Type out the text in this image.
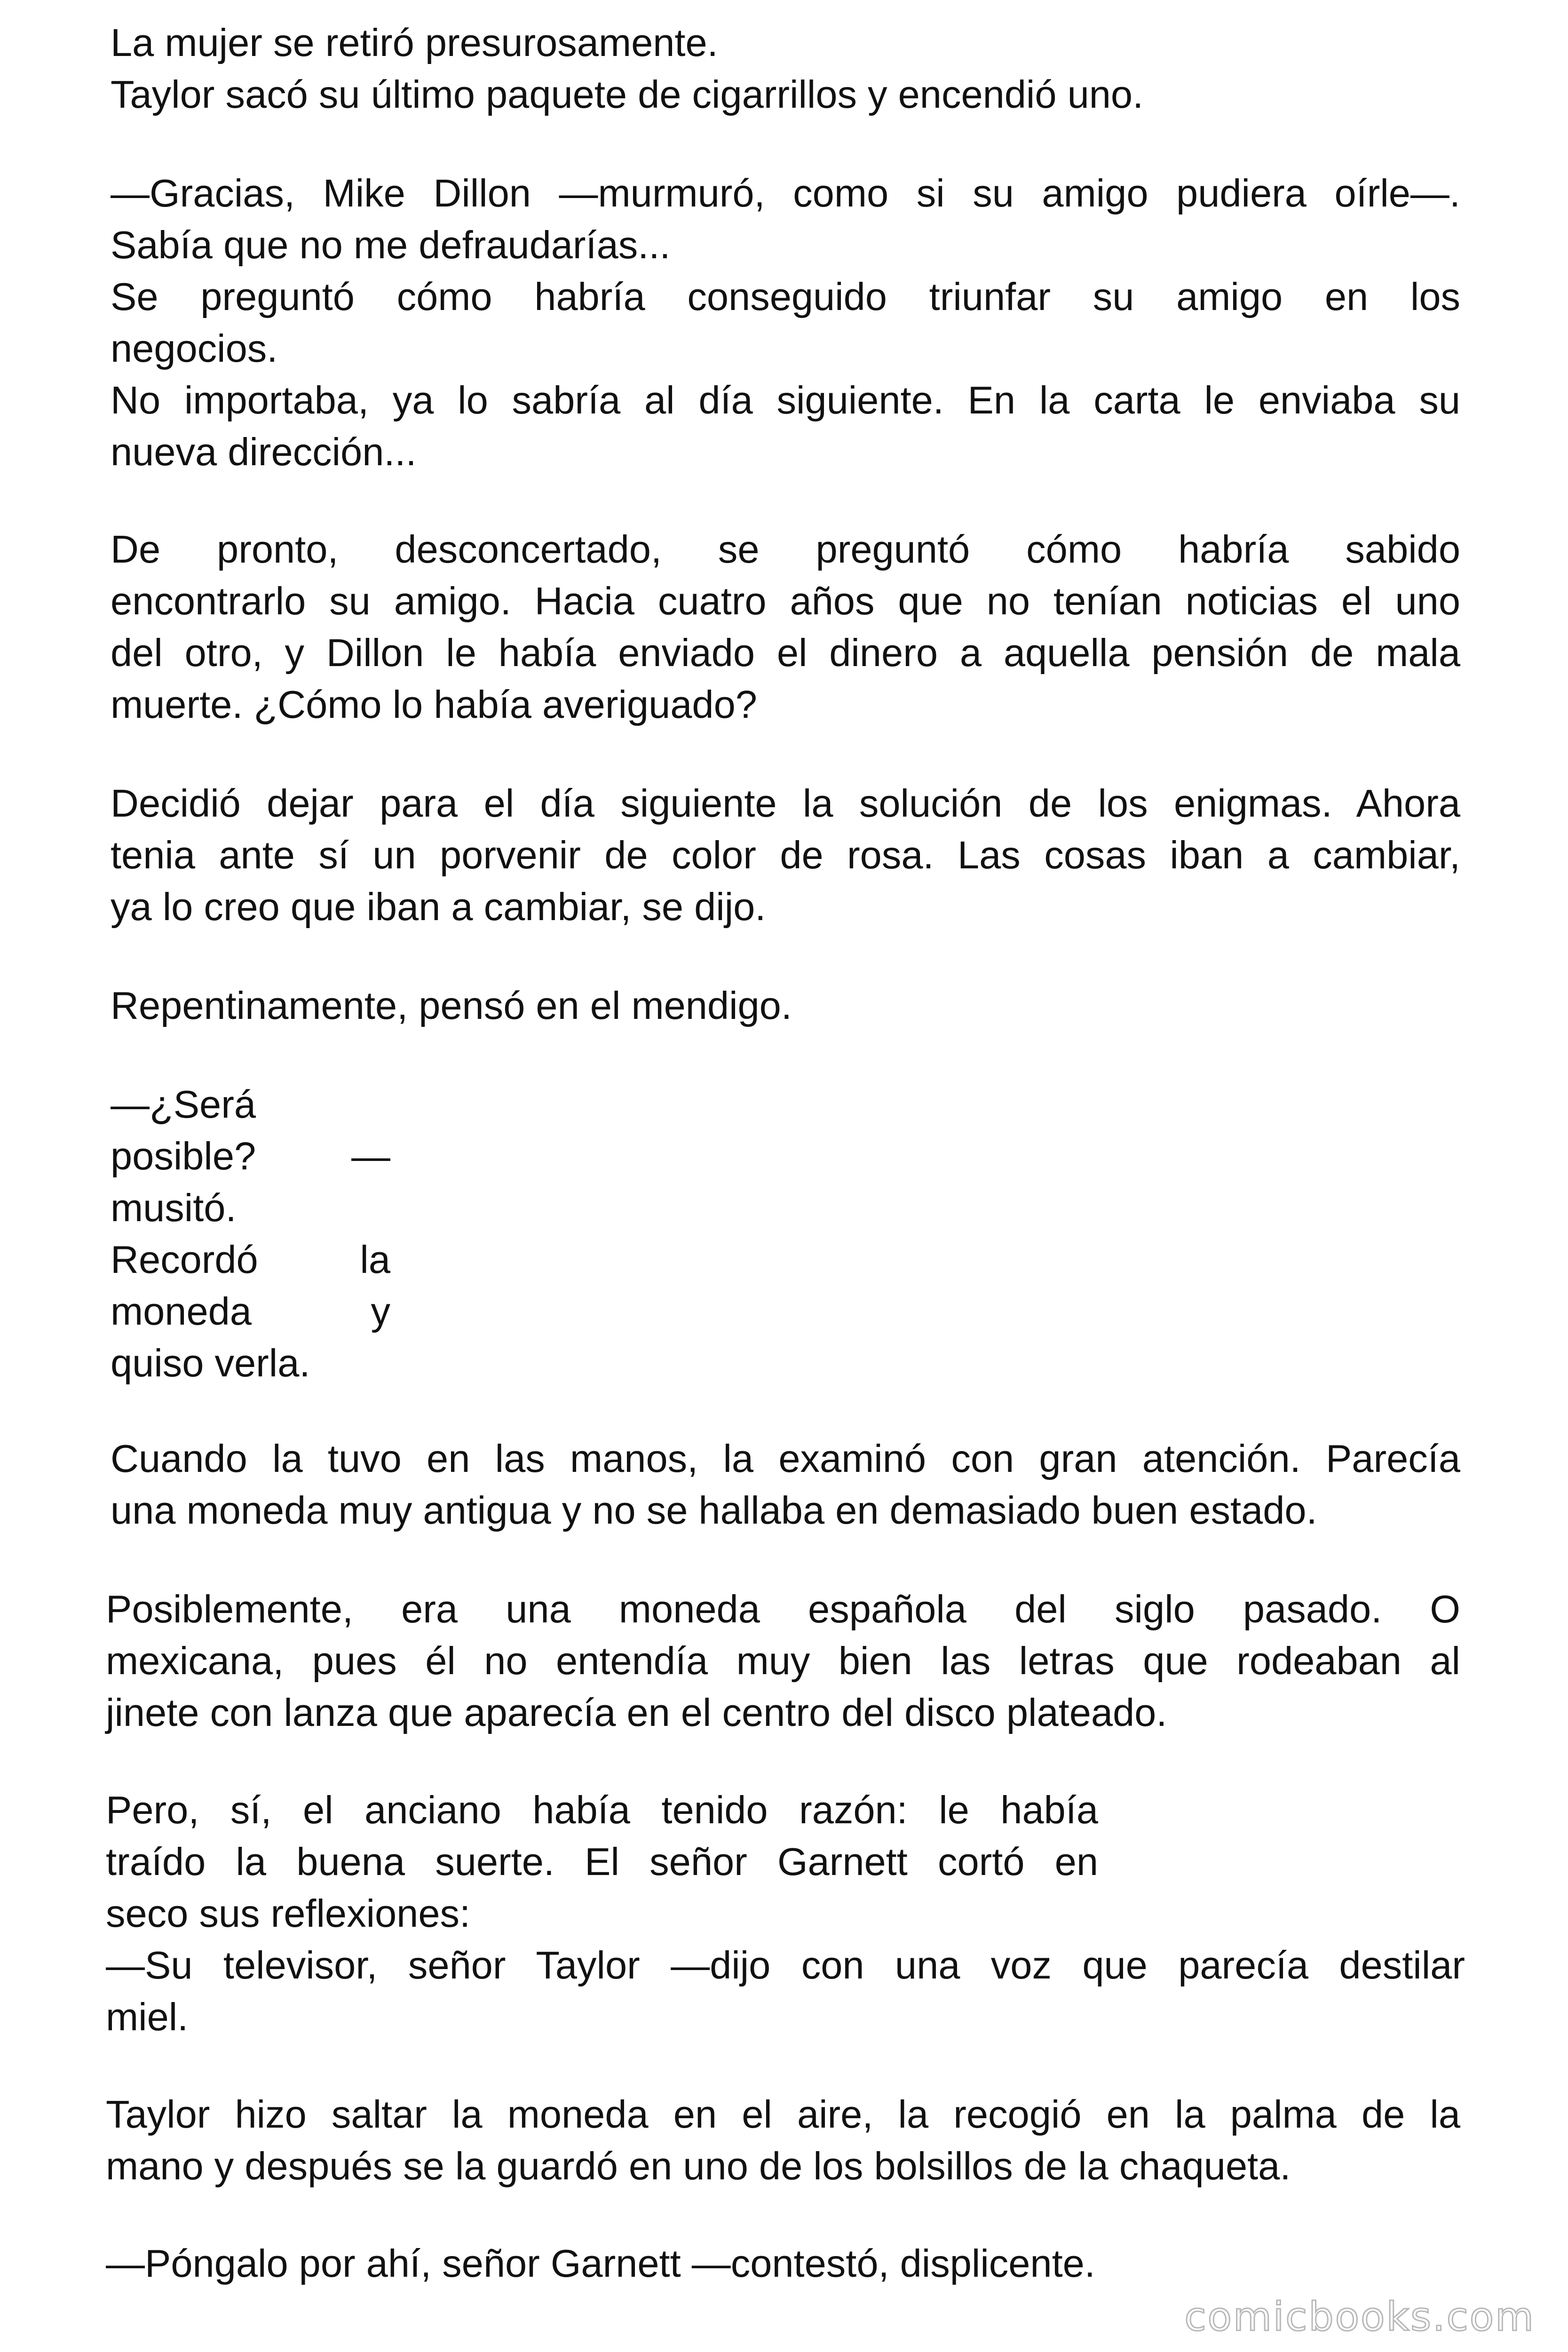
La mujer se retiró presurosamente.

Taylor sacó su último paquete de cigarrillos y encendió uno.

—Gracias, Mike Dillon —murmuró, como si su amigo pudiera oírle—.

Sabía que no me defraudarías...

Se preguntó cómo habría conseguido triunfar su amigo en los

negocios.

No importaba, ya lo sabría al día siguiente. En la carta le enviaba su

nueva dirección...

De pronto, desconcertado, se preguntó cómo habría sabido

encontrarlo su amigo. Hacia cuatro años que no tenían noticias el uno

del otro, y Dillon le había enviado el dinero a aquella pensión de mala

muerte. ¿Cómo lo había averiguado?

Decidió dejar para el día siguiente la solución de los enigmas. Ahora

tenia ante sí un porvenir de color de rosa. Las cosas iban a cambiar,

ya lo creo que iban a cambiar, se dijo.

Repentinamente, pensó en el mendigo.

—¿Será

posible? —

musitó.

Recordó la

moneda y

quiso verla.

Cuando la tuvo en las manos, la examinó con gran atención. Parecía

una moneda muy antigua y no se hallaba en demasiado buen estado.

Posiblemente, era una moneda española del siglo pasado. O

mexicana, pues él no entendía muy bien las letras que rodeaban al

jinete con lanza que aparecía en el centro del disco plateado.

Pero, sí, el anciano había tenido razón: le había

traído la buena suerte. El señor Garnett cortó en

seco sus reflexiones:

—Su televisor, señor Taylor —dijo con una voz que parecía destilar

miel.

Taylor hizo saltar la moneda en el aire, la recogió en la palma de la

mano y después se la guardó en uno de los bolsillos de la chaqueta.

—Póngalo por ahí, señor Garnett —contestó, displicente.

comicbooks.com
